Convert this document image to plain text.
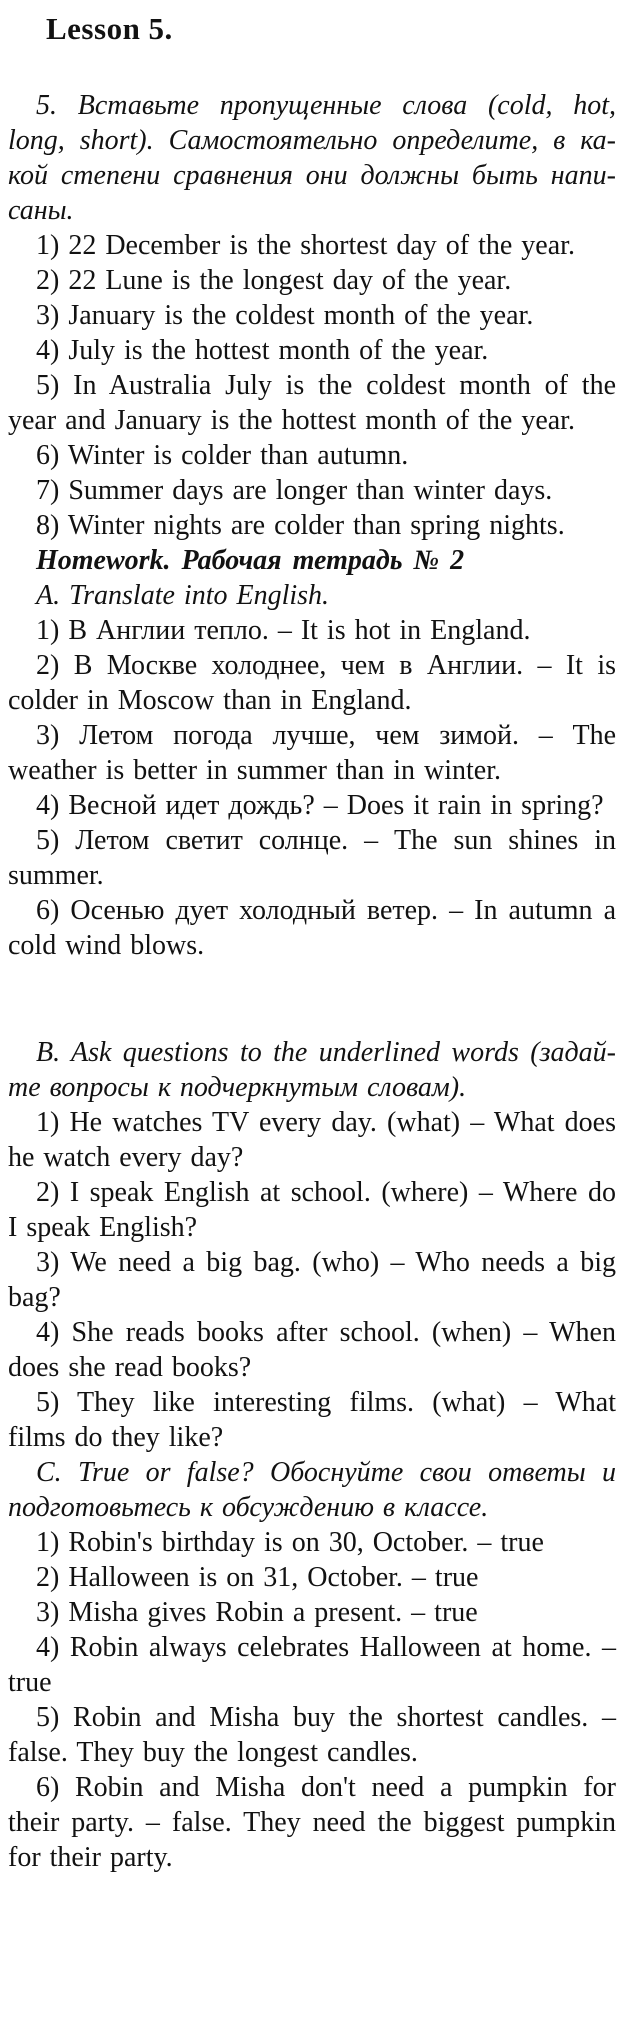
Lesson 5.

5. Вставьте пропущенные слова (cold, hot, long, short). Самостоятельно определите, в какой степени сравнения они должны быть написаны.

1) 22 December is the shortest day of the year.

2) 22 Lune is the longest day of the year.

3) January is the coldest month of the year.

4) July is the hottest month of the year.

5) In Australia July is the coldest month of the year and January is the hottest month of the year.

6) Winter is colder than autumn.

7) Summer days are longer than winter days.

8) Winter nights are colder than spring nights.

Homework. Рабочая тетрадь № 2

A. Translate into English.

1) В Англии тепло. – It is hot in England.

2) В Москве холоднее, чем в Англии. – It is colder in Moscow than in England.

3) Летом погода лучше, чем зимой. – The weather is better in summer than in winter.

4) Весной идет дождь? – Does it rain in spring?

5) Летом светит солнце. – The sun shines in summer.

6) Осенью дует холодный ветер. – In autumn a cold wind blows.

B. Ask questions to the underlined words (задайте вопросы к подчеркнутым словам).

1) He watches TV every day. (what) – What does he watch every day?

2) I speak English at school. (where) – Where do I speak English?

3) We need a big bag. (who) – Who needs a big bag?

4) She reads books after school. (when) – When does she read books?

5) They like interesting films. (what) – What films do they like?

C. True or false? Обоснуйте свои ответы и подготовьтесь к обсуждению в классе.

1) Robin's birthday is on 30, October. – true

2) Halloween is on 31, October. – true

3) Misha gives Robin a present. – true

4) Robin always celebrates Halloween at home. – true

5) Robin and Misha buy the shortest candles. – false. They buy the longest candles.

6) Robin and Misha don't need a pumpkin for their party. – false. They need the biggest pumpkin for their party.
